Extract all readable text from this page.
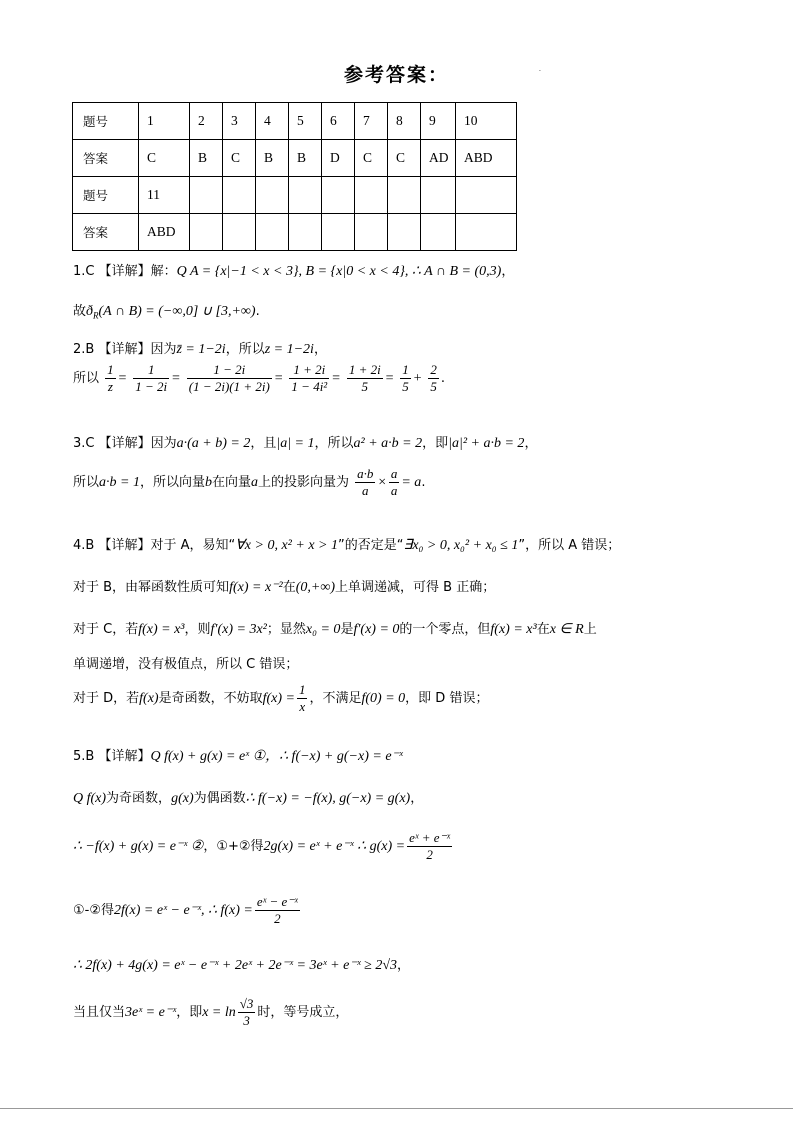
参考答案：	.
题号	1	2	3	4	5	6	7	8	9	10
答案	C	B	C	B	B	D	C	C	AD	ABD
题号	11									
答案	ABD									
1.C 【详解】解：Q A = {x|−1 < x < 3}, B = {x|0 < x < 4}, ∴ A ∩ B = (0,3)，
故$ð_R(A$ ∩ B) = (−∞,0] ∪ [3,+∞).
2.B 【详解】因为z̄ = 1−2i，所以z = 1−2i，
所以 $\frac{1}{z} = \frac{1}{1 - 2i} = \frac{1 - 2i}{(1 - 2i)(1 + 2i)} = \frac{1 + 2i}{\text{1 − 4i²}} = \frac{1 + 2i}{5} = \frac{1}{5} + \frac{2}{5}$ .
3.C 【详解】因为a·(a + b) = 2，且|a| = 1，所以a² + a·b = 2，即|a|² + a·b = 2，
所以a·b = 1，所以向量b在向量a上的投影向量为 $\frac{a\cdot b}{a} \times \frac{a}{a} = a$.
4.B 【详解】对于 A，易知“∀x > 0, x² + x > 1”的否定是“∃x₀ > 0, x₀² + x₀ ≤ 1”，所以 A 错误；
对于 B，由幂函数性质可知f(x) = x⁻²在(0,+∞)上单调递减，可得 B 正确；
对于 C，若f(x) = x³，则f′(x) = 3x²；显然x₀ = 0是f′(x) = 0的一个零点，但f(x) = x³在x ∈ R上
单调递增，没有极值点，所以 C 错误；
对于 D，若f(x)是奇函数，不妨取$f(x) = \frac{1}{x}$ ，不满足f(0) = 0，即 D 错误；
5.B 【详解】Q f(x) + g(x) = eˣ ①，∴ f(−x) + g(−x) = e⁻ˣ
Q f(x)为奇函数，g(x)为偶函数∴ f(−x) = −f(x), g(−x) = g(x)，
∴ −f(x) + g(x) = e⁻ˣ ②，①+②得2g(x) = eˣ + e⁻ˣ ∴ $g(x) = \frac{\text{eˣ + e⁻ˣ}}{2}$
①-②得2f(x) = eˣ − e⁻ˣ, ∴ $f(x) = \frac{\text{eˣ − e⁻ˣ}}{2}$
∴ 2f(x) + 4g(x) = eˣ − e⁻ˣ + 2eˣ + 2e⁻ˣ = 3eˣ + e⁻ˣ ≥ 2√3，
当且仅当3eˣ = e⁻ˣ，即$x = \ln \frac{√3}{3}$ 时，等号成立，
